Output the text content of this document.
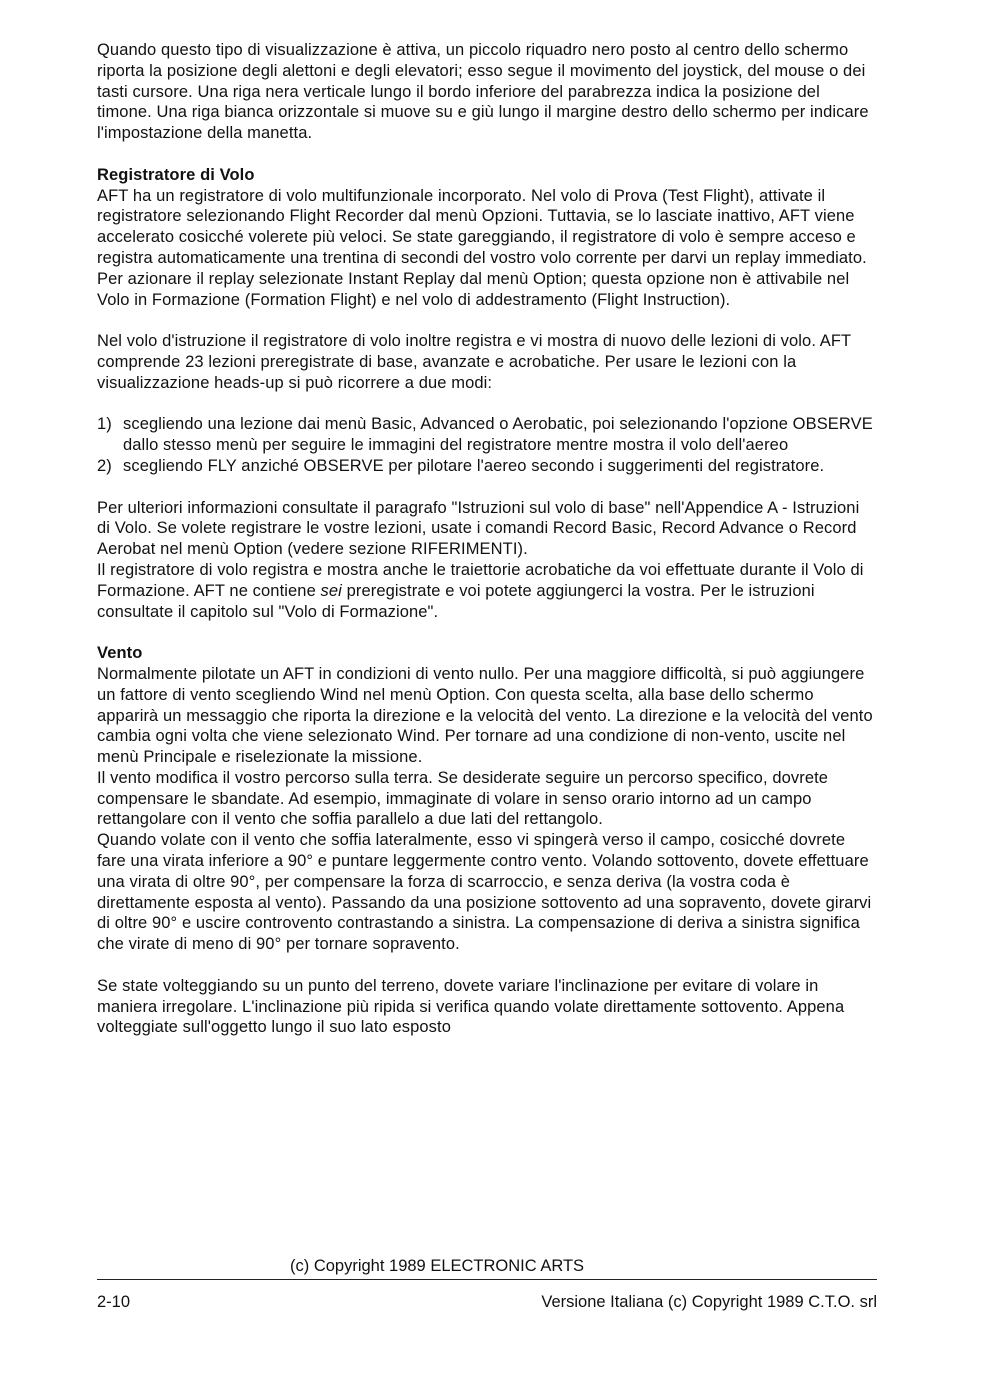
Quando questo tipo di visualizzazione è attiva, un piccolo riquadro nero posto al centro dello schermo riporta la posizione degli alettoni e degli elevatori; esso segue il movimento del joystick, del mouse o dei tasti cursore. Una riga nera verticale lungo il bordo inferiore del parabrezza indica la posizione del timone. Una riga bianca orizzontale si muove su e giù lungo il margine destro dello schermo per indicare l'impostazione della manetta.

Registratore di Volo

AFT ha un registratore di volo multifunzionale incorporato. Nel volo di Prova (Test Flight), attivate il registratore selezionando Flight Recorder dal menù Opzioni. Tuttavia, se lo lasciate inattivo, AFT viene accelerato cosicché volerete più veloci. Se state gareggiando, il registratore di volo è sempre acceso e registra automaticamente una trentina di secondi del vostro volo corrente per darvi un replay immediato. Per azionare il replay selezionate Instant Replay dal menù Option; questa opzione non è attivabile nel Volo in Formazione (Formation Flight) e nel volo di addestramento (Flight Instruction).

Nel volo d'istruzione il registratore di volo inoltre registra e vi mostra di nuovo delle lezioni di volo. AFT comprende 23 lezioni preregistrate di base, avanzate e acrobatiche. Per usare le lezioni con la visualizzazione heads-up si può ricorrere a due modi:

1) scegliendo una lezione dai menù Basic, Advanced o Aerobatic, poi selezionando l'opzione OBSERVE dallo stesso menù per seguire le immagini del registratore mentre mostra il volo dell'aereo
2) scegliendo FLY anziché OBSERVE per pilotare l'aereo secondo i suggerimenti del registratore.

Per ulteriori informazioni consultate il paragrafo "Istruzioni sul volo di base" nell'Appendice A - Istruzioni di Volo. Se volete registrare le vostre lezioni, usate i comandi Record Basic, Record Advance o Record Aerobat nel menù Option (vedere sezione RIFERIMENTI).

Il registratore di volo registra e mostra anche le traiettorie acrobatiche da voi effettuate durante il Volo di Formazione. AFT ne contiene sei preregistrate e voi potete aggiungerci la vostra. Per le istruzioni consultate il capitolo sul "Volo di Formazione".

Vento

Normalmente pilotate un AFT in condizioni di vento nullo. Per una maggiore difficoltà, si può aggiungere un fattore di vento scegliendo Wind nel menù Option. Con questa scelta, alla base dello schermo apparirà un messaggio che riporta la direzione e la velocità del vento. La direzione e la velocità del vento cambia ogni volta che viene selezionato Wind. Per tornare ad una condizione di non-vento, uscite nel menù Principale e riselezionate la missione.

Il vento modifica il vostro percorso sulla terra. Se desiderate seguire un percorso specifico, dovrete compensare le sbandate. Ad esempio, immaginate di volare in senso orario intorno ad un campo rettangolare con il vento che soffia parallelo a due lati del rettangolo.

Quando volate con il vento che soffia lateralmente, esso vi spingerà verso il campo, cosicché dovrete fare una virata inferiore a 90° e puntare leggermente contro vento. Volando sottovento, dovete effettuare una virata di oltre 90°, per compensare la forza di scarroccio, e senza deriva (la vostra coda è direttamente esposta al vento). Passando da una posizione sottovento ad una sopravento, dovete girarvi di oltre 90° e uscire controvento contrastando a sinistra. La compensazione di deriva a sinistra significa che virate di meno di 90° per tornare sopravento.

Se state volteggiando su un punto del terreno, dovete variare l'inclinazione per evitare di volare in maniera irregolare. L'inclinazione più ripida si verifica quando volate direttamente sottovento. Appena volteggiate sull'oggetto lungo il suo lato esposto

(c) Copyright 1989 ELECTRONIC ARTS
2-10	Versione Italiana (c) Copyright 1989 C.T.O. srl
